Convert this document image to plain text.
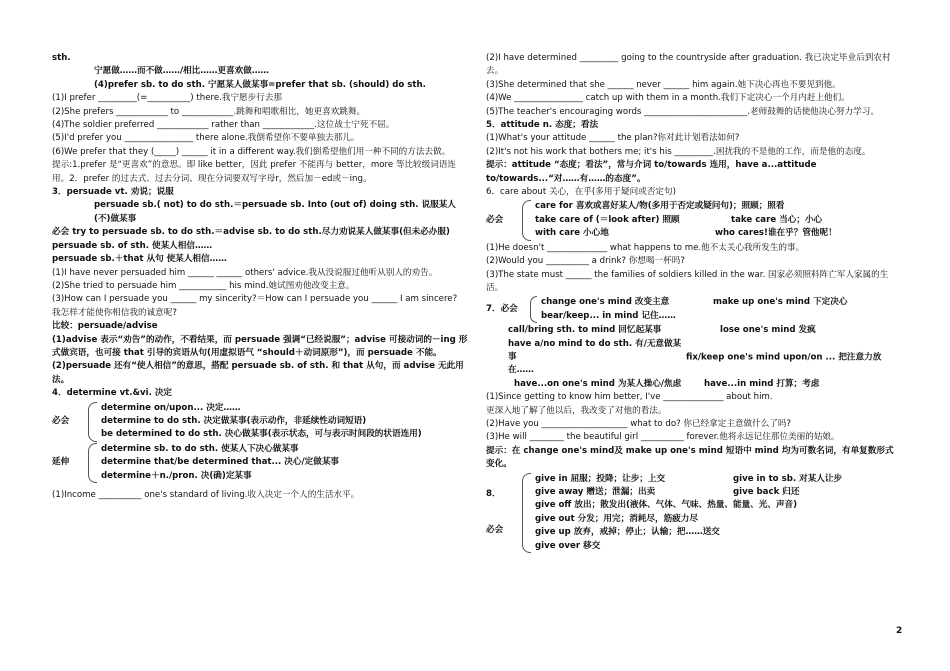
sth.
宁愿做……而不做……/相比……更喜欢做……
(4)prefer sb. to do sth. 宁愿某人做某事=prefer that sb. (should) do sth.
(1)I prefer _________(=__________) there.我宁愿步行去那
(2)She prefers ____________ to ____________.跳舞和唱歌相比，她更喜欢跳舞。
(4)The soldier preferred ____________ rather than ____________.这位战士宁死不屈。
(5)I'd prefer you ________________ there alone.我倒希望你不要单独去那儿。
(6)We prefer that they (_____) ______ it in a different way.我们倒希望他们用一种不同的方法去做。
提示:1.prefer 是“更喜欢”的意思。即 like better，因此 prefer 不能再与 better，more 等比较级词语连用。2．prefer 的过去式、过去分词、现在分词要双写字母r，然后加－ed或－ing。
3．persuade vt. 劝说；说服
persuade sb.( not) to do sth.＝persuade sb. Into (out of) doing sth. 说服某人(不)做某事
必会 try to persuade sb. to do sth.＝advise sb. to do sth.尽力劝说某人做某事(但未必办服)
persuade sb. of sth. 使某人相信……
persuade sb.＋that 从句 使某人相信……
(1)I have never persuaded him ______ ______ others' advice.我从没说服过他听从别人的劝告。
(2)She tried to persuade him ___________ his mind.她试图劝他改变主意。
(3)How can I persuade you ______ my sincerity?＝How can I persuade you ______ I am sincere?
我怎样才能使你相信我的诚意呢?
比较：persuade/advise
(1)advise 表示“劝告”的动作，不看结果，而 persuade 强调“已经说服”；advise 可接动词的－ing 形式做宾语，也可接 that 引导的宾语从句(用虚拟语气 “should＋动词原形”)，而 persuade 不能。
(2)persuade 还有“使人相信”的意思，搭配 persuade sb. of sth. 和 that 从句，而 advise 无此用法。
4．determine vt.&vi. 决定
必会
determine on/upon... 决定……
determine to do sth. 决定做某事(表示动作，非延续性动词短语)
be determined to do sth. 决心做某事(表示状态，可与表示时间段的状语连用)
延伸
determine sb. to do sth. 使某人下决心做某事
determine that/be determined that... 决心/定做某事
determine＋n./pron. 决(确)定某事
(1)Income __________ one's standard of living.收入决定一个人的生活水平。
(2)I have determined _________ going to the countryside after graduation. 我已决定毕业后到农村去。
(3)She determined that she ______ never ______ him again.她下决心再也不要见到他。
(4)We ________________ catch up with them in a month.我们下定决心一个月内赶上他们。
(5)The teacher's encouraging words ________________________.老师鼓舞的话使他决心努力学习。
5．attitude n. 态度；看法
(1)What's your attitude ______ the plan?你对此计划看法如何?
(2)It's not his work that bothers me; it's his _________.困扰我的不是他的工作，而是他的态度。
提示：attitude “态度；看法”，常与介词 to/towards 连用，have a...attitude to/towards...“对……有……的态度”。
6．care about 关心，在乎(多用于疑问或否定句)
必会
care for 喜欢或喜好某人/物(多用于否定或疑问句)；照顾；照看
take care of (＝look after) 照顾	take care 当心；小心
with care 小心地	who cares!谁在乎？管他呢！
(1)He doesn't ______________ what happens to me.他不太关心我所发生的事。
(2)Would you __________ a drink? 你想喝一杯吗?
(3)The state must ______ the families of soldiers killed in the war. 国家必须照料阵亡军人家属的生活。
7．必会
change one's mind 改变主意	make up one's mind 下定决心
bear/keep... in mind 记住……
call/bring sth. to mind 回忆起某事	lose one's mind 发疯
have a/no mind to do sth. 有/无意做某事	fix/keep one's mind upon/on ... 把注意力放在……
have...on one's mind 为某人操心/焦虑	have...in mind 打算；考虑
(1)Since getting to know him better, I've ______________ about him.
更深入地了解了他以后，我改变了对他的看法。
(2)Have you ____________________ what to do? 你已经拿定主意做什么了吗?
(3)He will ________ the beautiful girl __________ forever.他将永远记住那位美丽的姑娘。
提示：在 change one's mind及 make up one's mind 短语中 mind 均为可数名词，有单复数形式变化。
8．
必会
give in 屈服；投降；让步；上交	give in to sb. 对某人让步
give away 赠送；泄漏；出卖	give back 归还
give off 放出；散发出(液体、气体、气味、热量、能量、光、声音)
give out 分发；用完；消耗尽，筋疲力尽
give up 放弃，戒掉；停止；认输；把……送交
give over 移交
2
